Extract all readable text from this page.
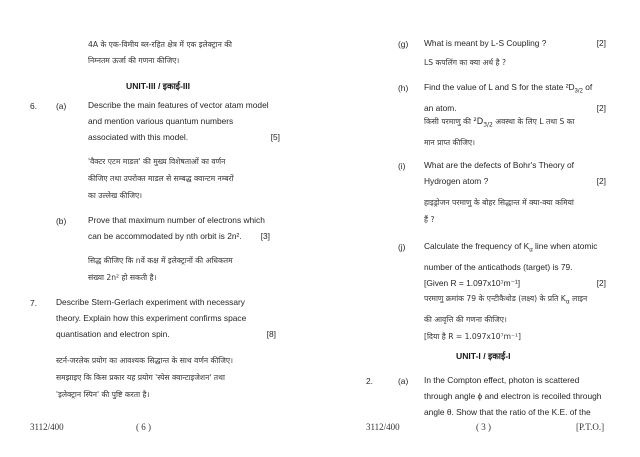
4A के एक-विमीय ब्ल-रहित क्षेत्र में एक इलेक्ट्रान की
निम्नतम ऊर्जा की गणना कीजिए।
UNIT-III / इकाई-III
6. (a)	Describe the main features of vector atam model
and mention various quantum numbers
associated with this model.	[5]
'वैक्टर एटम माडल' की मुख्य विशेषताओं का वर्णन
कीजिए तथा उपरोक्त माडल से सम्बद्ध क्वान्टम नम्बरों
का उल्लेख कीजिए।
(b)	Prove that maximum number of electrons which
can be accommodated by nth orbit is 2n². [3]
सिद्ध कीजिए कि nवें कक्ष में इलेक्ट्रानों की अधिकतम
संख्या 2n² हो सकती है।
7. Describe Stern-Gerlach experiment with necessary
theory. Explain how this experiment confirms space
quantisation and electron spin.	[8]
स्टर्न-जरलेक प्रयोग का आवश्यक सिद्धान्त के साथ वर्णन कीजिए।
समझाइए कि किस प्रकार यह प्रयोग 'स्पेस क्वान्टाइजेशन' तथा
'इलेक्ट्रान स्पिन' की पुष्टि करता है।
3112/400	( 6 )
(g) What is meant by L-S Coupling ?	[2]
LS कपलिंग का क्या अर्थ है ?
(h) Find the value of L and S for the state $^2D_{3/2}$ of
an atom.	[2]
किसी परमाणु की $^2D_{3/2}$ अवस्था के लिए L तथा S का
मान प्राप्त कीजिए।
(i) What are the defects of Bohr's Theory of
Hydrogen atom ?	[2]
हाइड्रोजन परमाणु के बोहर सिद्धान्त में क्या-क्या कमियां
हैं ?
(j) Calculate the frequency of $K_\alpha$ line when atomic
number of the anticathods (target) is 79.
[Given R = 1.097x10⁷m⁻¹]	[2]
परमाणु क्रमांक 79 के एन्टीकैथोड (लक्ष्य) के प्रति $K_\alpha$ लाइन
की आवृत्ति की गणना कीजिए।
[दिया है R = 1.097x10⁷m⁻¹]
UNIT-I / इकाई-I
2.	(a) In the Compton effect, photon is scattered
through angle ϕ and electron is recoiled through
angle θ. Show that the ratio of the K.E. of the
3112/400	( 3 )	[P.T.O.]
